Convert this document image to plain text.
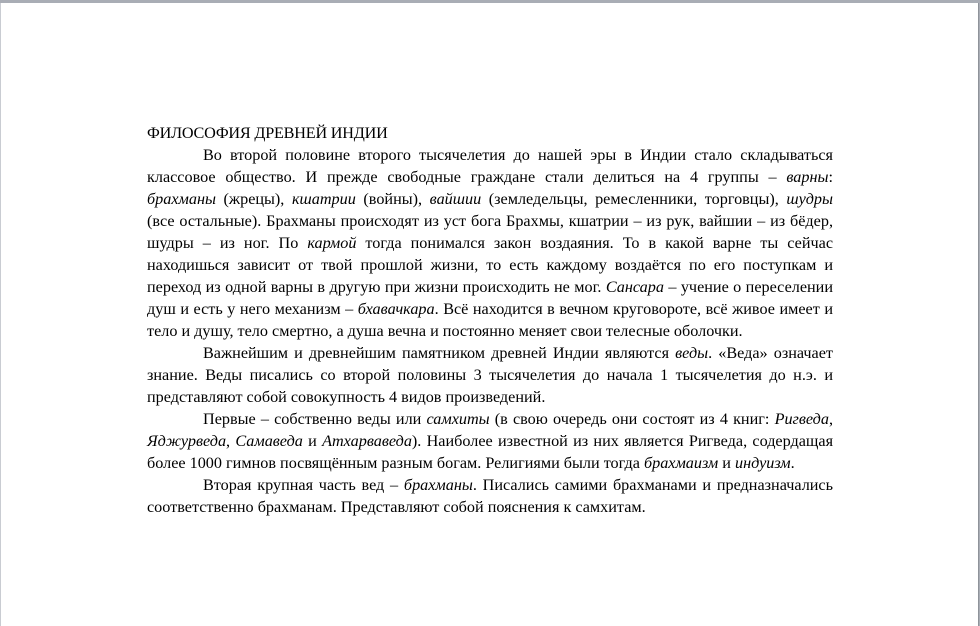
ФИЛОСОФИЯ ДРЕВНЕЙ ИНДИИ

Во второй половине второго тысячелетия до нашей эры в Индии стало складываться классовое общество. И прежде свободные граждане стали делиться на 4 группы – варны: брахманы (жрецы), кшатрии (войны), вайшии (земледельцы, ремесленники, торговцы), шудры (все остальные). Брахманы происходят из уст бога Брахмы, кшатрии – из рук, вайшии – из бёдер, шудры – из ног. По кармой тогда понимался закон воздаяния. То в какой варне ты сейчас находишься зависит от твой прошлой жизни, то есть каждому воздаётся по его поступкам и переход из одной варны в другую при жизни происходить не мог. Сансара – учение о переселении душ и есть у него механизм – бхавачкара. Всё находится в вечном круговороте, всё живое имеет и тело и душу, тело смертно, а душа вечна и постоянно меняет свои телесные оболочки.

Важнейшим и древнейшим памятником древней Индии являются веды. «Веда» означает знание. Веды писались со второй половины 3 тысячелетия до начала 1 тысячелетия до н.э. и представляют собой совокупность 4 видов произведений.

Первые – собственно веды или самхиты (в свою очередь они состоят из 4 книг: Ригведа, Яджурведа, Самаведа и Атхарваведа). Наиболее известной из них является Ригведа, содердащая более 1000 гимнов посвящённым разным богам. Религиями были тогда брахмаизм и индуизм.

Вторая крупная часть вед – брахманы. Писались самими брахманами и предназначались соответственно брахманам. Представляют собой пояснения к самхитам.
